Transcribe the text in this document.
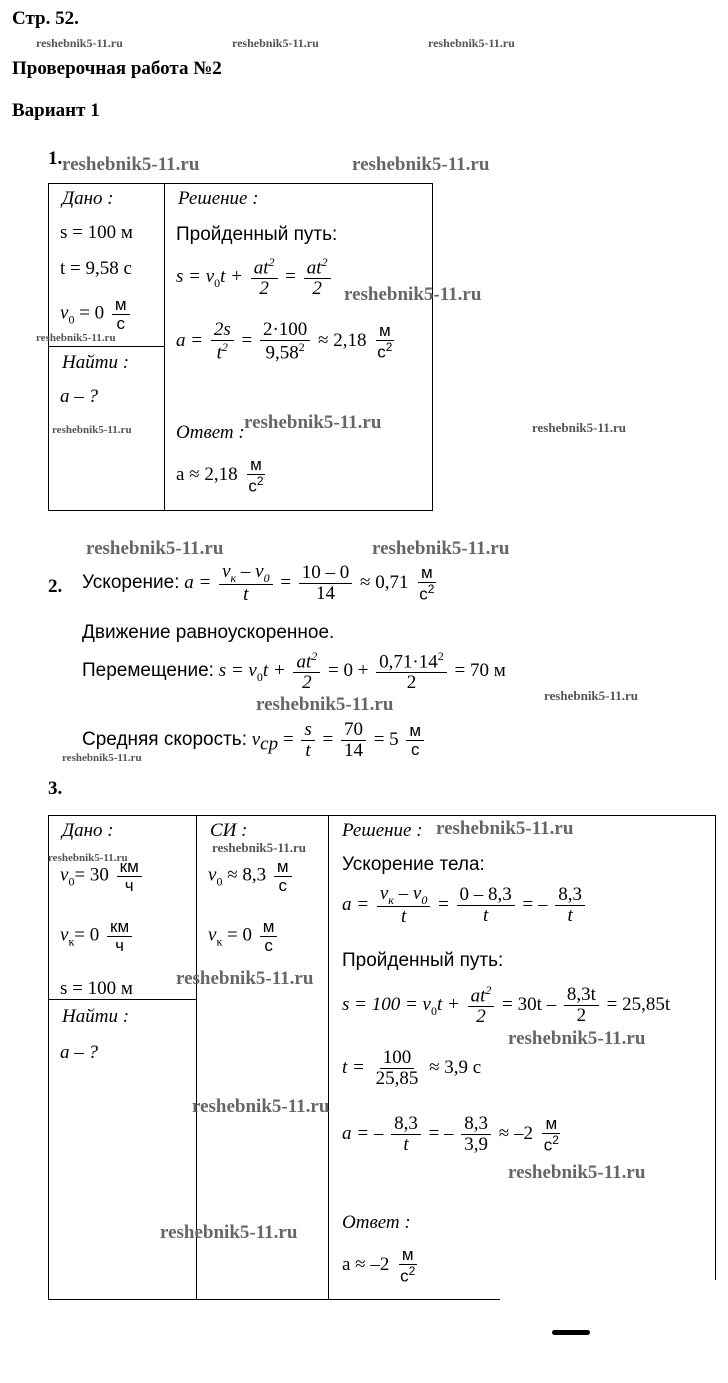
Стр. 52.
reshebnik5-11.ru	reshebnik5-11.ru	reshebnik5-11.ru
Проверочная работа №2
Вариант 1
1. reshebnik5-11.ru	reshebnik5-11.ru
Дано :
s = 100 м
t = 9,58 с
$v_0 = 0 \frac{м}{с}$
reshebnik5-11.ru
Найти :
а – ?
reshebnik5-11.ru
Решение :
Пройденный путь:
$s = v_0t + \frac{at^2}{2} = \frac{at^2}{2}$ reshebnik5-11.ru
$a = \frac{2s}{t^2} = \frac{2\cdot 100}{9,58^2} \approx 2,18 \frac{м}{с^2}$
Ответ : reshebnik5-11.ru	reshebnik5-11.ru
$a \approx 2,18 \frac{м}{с^2}$
reshebnik5-11.ru	reshebnik5-11.ru
2. Ускорение: $a = \frac{v_к - v_0}{t} = \frac{10 - 0}{14} \approx 0,71 \frac{м}{с^2}$
Движение равноускоренное.
Перемещение: $s = v_0t + \frac{at^2}{2} = 0 + \frac{0,71\cdot 14^2}{2} = 70$ м
reshebnik5-11.ru
reshebnik5-11.ru
Средняя скорость: $v_{ср} = \frac{s}{t} = \frac{70}{14} = 5 \frac{м}{с}$
reshebnik5-11.ru
3.
Дано :
reshebnik5-11.ru
$v_0= 30 \frac{км}{ч}$
$v_к= 0 \frac{км}{ч}$
s = 100 м
Найти :
а – ?
СИ :
reshebnik5-11.ru
$v_0 \approx 8,3 \frac{м}{с}$
$v_к = 0 \frac{м}{с}$
reshebnik5-11.ru
Решение : reshebnik5-11.ru
Ускорение тела:
$a = \frac{v_к - v_0}{t} = \frac{0 - 8,3}{t}$ = – $\frac{8,3}{t}$
Пройденный путь:
$s = 100 = v_0t + \frac{at^2}{2} = 30t - \frac{8,3t}{2} = 25,85t$
reshebnik5-11.ru
$t = \frac{100}{25,85} \approx 3,9$ с
reshebnik5-11.ru
a = – $\frac{8,3}{t}$ = – $\frac{8,3}{3,9} \approx -2 \frac{м}{с^2}$
reshebnik5-11.ru
Ответ :
reshebnik5-11.ru
$a \approx -2 \frac{м}{с^2}$
